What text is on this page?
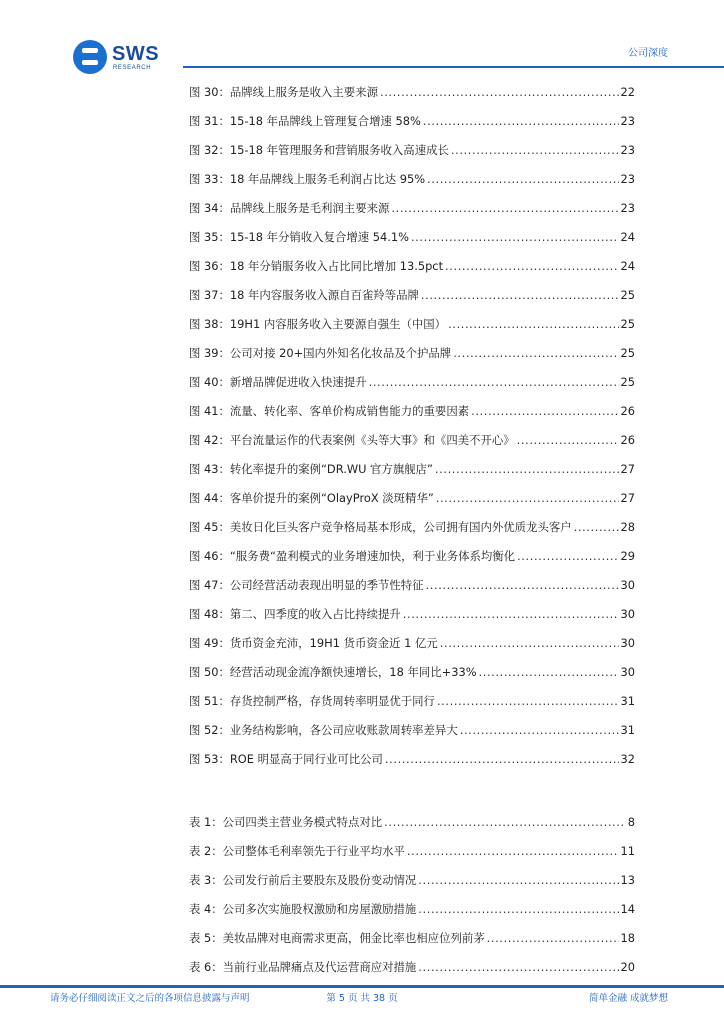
SWS
RESEARCH
公司深度
图 30：品牌线上服务是收入主要来源 .....	22
图 31：15-18 年品牌线上管理复合增速 58% .....	23
图 32：15-18 年管理服务和营销服务收入高速成长 .....	23
图 33：18 年品牌线上服务毛利润占比达 95% .....	23
图 34：品牌线上服务是毛利润主要来源 .....	23
图 35：15-18 年分销收入复合增速 54.1% .....	24
图 36：18 年分销服务收入占比同比增加 13.5pct .....	24
图 37：18 年内容服务收入源自百雀羚等品牌 .....	25
图 38：19H1 内容服务收入主要源自强生（中国） .....	25
图 39：公司对接 20+国内外知名化妆品及个护品牌 .....	25
图 40：新增品牌促进收入快速提升 .....	25
图 41：流量、转化率、客单价构成销售能力的重要因素 .....	26
图 42：平台流量运作的代表案例《头等大事》和《四美不开心》 .....	26
图 43：转化率提升的案例“DR.WU 官方旗舰店” .....	27
图 44：客单价提升的案例“OlayProX 淡斑精华” .....	27
图 45：美妆日化巨头客户竞争格局基本形成，公司拥有国内外优质龙头客户 .....	28
图 46：“服务费“盈利模式的业务增速加快，利于业务体系均衡化 .....	29
图 47：公司经营活动表现出明显的季节性特征 .....	30
图 48：第二、四季度的收入占比持续提升 .....	30
图 49：货币资金充沛，19H1 货币资金近 1 亿元 .....	30
图 50：经营活动现金流净额快速增长，18 年同比+33% .....	30
图 51：存货控制严格，存货周转率明显优于同行 .....	31
图 52：业务结构影响，各公司应收账款周转率差异大 .....	31
图 53：ROE 明显高于同行业可比公司 .....	32
表 1：公司四类主营业务模式特点对比 .....	8
表 2：公司整体毛利率领先于行业平均水平 .....	11
表 3：公司发行前后主要股东及股份变动情况 .....	13
表 4：公司多次实施股权激励和房屋激励措施 .....	14
表 5：美妆品牌对电商需求更高，佣金比率也相应位列前茅 .....	18
表 6：当前行业品牌痛点及代运营商应对措施 .....	20
请务必仔细阅读正文之后的各项信息披露与声明	第 5 页 共 38 页	简单金融 成就梦想
